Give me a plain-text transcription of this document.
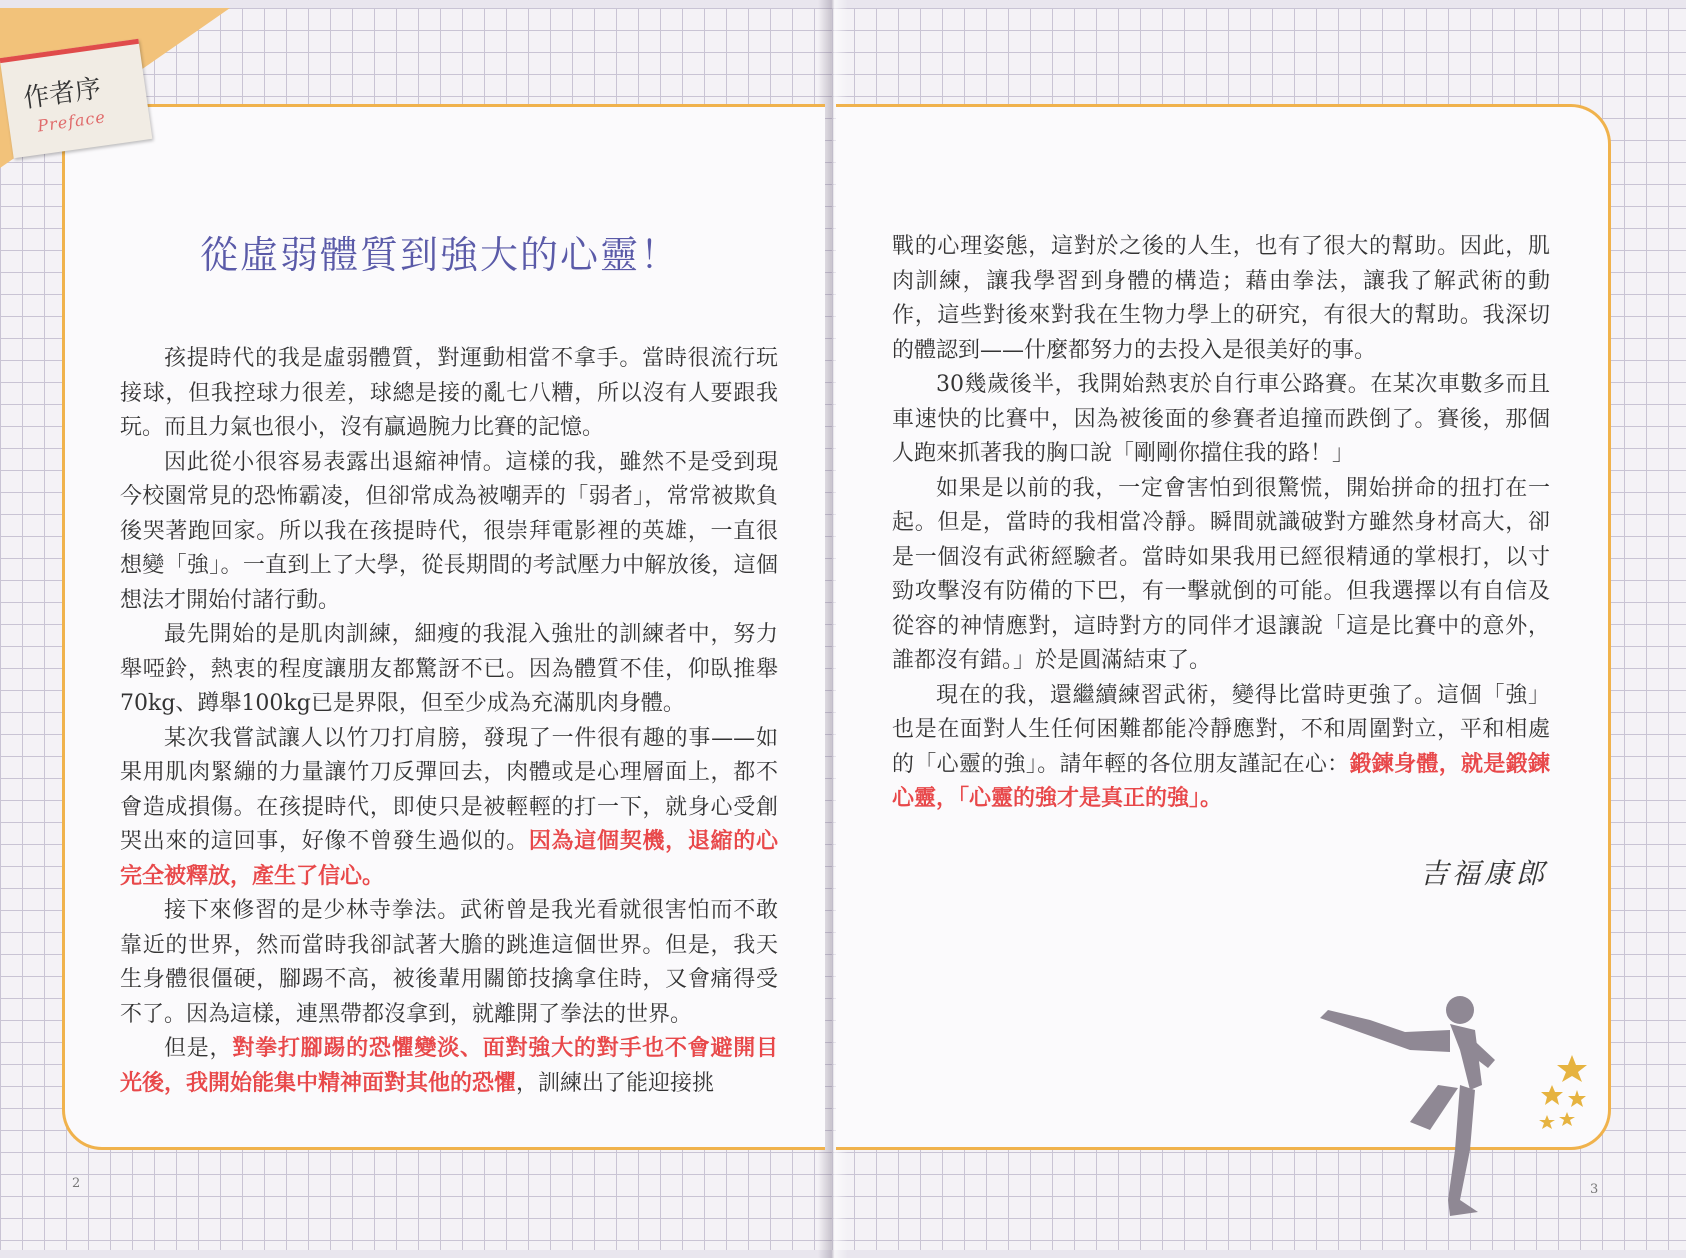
作者序
Preface
從虛弱體質到強大的心靈！

孩提時代的我是虛弱體質，對運動相當不拿手。當時很流行玩接球，但我控球力很差，球總是接的亂七八糟，所以沒有人要跟我玩。而且力氣也很小，沒有贏過腕力比賽的記憶。

因此從小很容易表露出退縮神情。這樣的我，雖然不是受到現今校園常見的恐怖霸凌，但卻常成為被嘲弄的「弱者」，常常被欺負後哭著跑回家。所以我在孩提時代，很崇拜電影裡的英雄，一直很想變「強」。一直到上了大學，從長期間的考試壓力中解放後，這個想法才開始付諸行動。

最先開始的是肌肉訓練，細瘦的我混入強壯的訓練者中，努力舉啞鈴，熱衷的程度讓朋友都驚訝不已。因為體質不佳，仰臥推舉70kg、蹲舉100kg已是界限，但至少成為充滿肌肉身體。

某次我嘗試讓人以竹刀打肩膀，發現了一件很有趣的事——如果用肌肉緊繃的力量讓竹刀反彈回去，肉體或是心理層面上，都不會造成損傷。在孩提時代，即使只是被輕輕的打一下，就身心受創哭出來的這回事，好像不曾發生過似的。因為這個契機，退縮的心完全被釋放，產生了信心。

接下來修習的是少林寺拳法。武術曾是我光看就很害怕而不敢靠近的世界，然而當時我卻試著大膽的跳進這個世界。但是，我天生身體很僵硬，腳踢不高，被後輩用關節技擒拿住時，又會痛得受不了。因為這樣，連黑帶都沒拿到，就離開了拳法的世界。

但是，對拳打腳踢的恐懼變淡、面對強大的對手也不會避開目光後，我開始能集中精神面對其他的恐懼，訓練出了能迎接挑

戰的心理姿態，這對於之後的人生，也有了很大的幫助。因此，肌肉訓練，讓我學習到身體的構造；藉由拳法，讓我了解武術的動作，這些對後來對我在生物力學上的研究，有很大的幫助。我深切的體認到——什麼都努力的去投入是很美好的事。

30幾歲後半，我開始熱衷於自行車公路賽。在某次車數多而且車速快的比賽中，因為被後面的參賽者追撞而跌倒了。賽後，那個人跑來抓著我的胸口說「剛剛你擋住我的路！」

如果是以前的我，一定會害怕到很驚慌，開始拼命的扭打在一起。但是，當時的我相當冷靜。瞬間就識破對方雖然身材高大，卻是一個沒有武術經驗者。當時如果我用已經很精通的掌根打，以寸勁攻擊沒有防備的下巴，有一擊就倒的可能。但我選擇以有自信及從容的神情應對，這時對方的同伴才退讓說「這是比賽中的意外，誰都沒有錯。」於是圓滿結束了。

現在的我，還繼續練習武術，變得比當時更強了。這個「強」也是在面對人生任何困難都能冷靜應對，不和周圍對立，平和相處的「心靈的強」。請年輕的各位朋友謹記在心：鍛鍊身體，就是鍛鍊心靈，「心靈的強才是真正的強」。

吉福康郎
2	3
